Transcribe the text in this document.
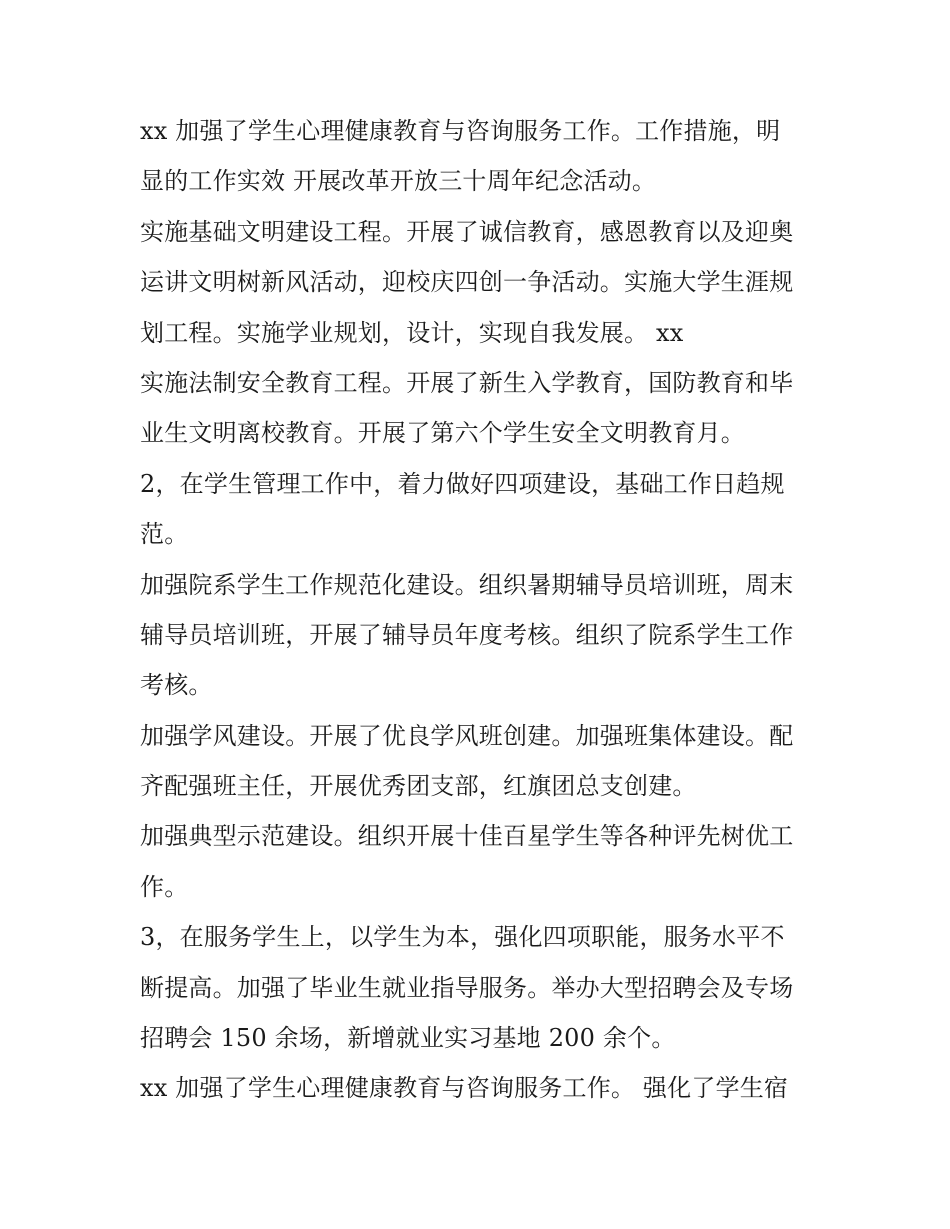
xx 加强了学生心理健康教育与咨询服务工作。工作措施，明
显的工作实效 开展改革开放三十周年纪念活动。
实施基础文明建设工程。开展了诚信教育，感恩教育以及迎奥
运讲文明树新风活动，迎校庆四创一争活动。实施大学生涯规
划工程。实施学业规划，设计，实现自我发展。 xx
实施法制安全教育工程。开展了新生入学教育，国防教育和毕
业生文明离校教育。开展了第六个学生安全文明教育月。
2，在学生管理工作中，着力做好四项建设，基础工作日趋规
范。
加强院系学生工作规范化建设。组织暑期辅导员培训班，周末
辅导员培训班，开展了辅导员年度考核。组织了院系学生工作
考核。
加强学风建设。开展了优良学风班创建。加强班集体建设。配
齐配强班主任，开展优秀团支部，红旗团总支创建。
加强典型示范建设。组织开展十佳百星学生等各种评先树优工
作。
3，在服务学生上，以学生为本，强化四项职能，服务水平不
断提高。加强了毕业生就业指导服务。举办大型招聘会及专场
招聘会 150 余场，新增就业实习基地 200 余个。
xx 加强了学生心理健康教育与咨询服务工作。 强化了学生宿
